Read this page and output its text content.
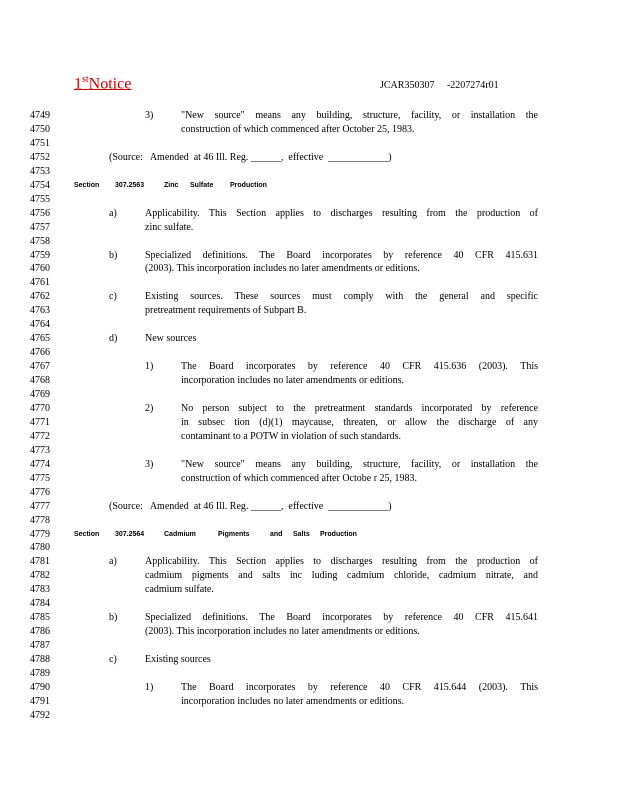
1stNotice	JCAR350307     -2207274r01
4749	3)	"New source" means any building, structure, facility, or installation the
4750	construction of which commenced after October 25, 1983.
4751
4752	(Source:   Amended  at 46 Ill. Reg. ______,  effective  ____________)
4753
4754	Section 307.2563	Zinc Sulfate Production
4755
4756	a)	Applicability. This Section applies to discharges resulting from the production of
4757	zinc sulfate.
4758
4759	b)	Specialized definitions. The Board incorporates by reference 40 CFR 415.631
4760	(2003). This incorporation includes no later amendments or editions.
4761
4762	c)	Existing sources. These sources must comply with the general and specific
4763	pretreatment requirements of Subpart B.
4764
4765	d)	New sources
4766
4767	1)	The Board incorporates by reference 40 CFR 415.636 (2003). This
4768	incorporation includes no later amendments or editions.
4769
4770	2)	No person subject to the pretreatment standards incorporated by reference
4771	in subsec tion (d)(1) maycause, threaten, or allow the discharge of any
4772	contaminant to a POTW in violation of such standards.
4773
4774	3)	"New source" means any building, structure, facility, or installation the
4775	construction of which commenced after Octobe r 25, 1983.
4776
4777	(Source:   Amended  at 46 Ill. Reg. ______,  effective  ____________)
4778
4779	Section 307.2564	Cadmium	Pigments	and Salts Production
4780
4781	a)	Applicability. This Section applies to discharges resulting from the production of
4782	cadmium pigments and salts inc luding cadmium chloride, cadmium nitrate, and
4783	cadmium sulfate.
4784
4785	b)	Specialized definitions. The Board incorporates by reference 40 CFR 415.641
4786	(2003). This incorporation includes no later amendments or editions.
4787
4788	c)	Existing sources
4789
4790	1)	The Board incorporates by reference 40 CFR 415.644 (2003). This
4791	incorporation includes no later amendments or editions.
4792
